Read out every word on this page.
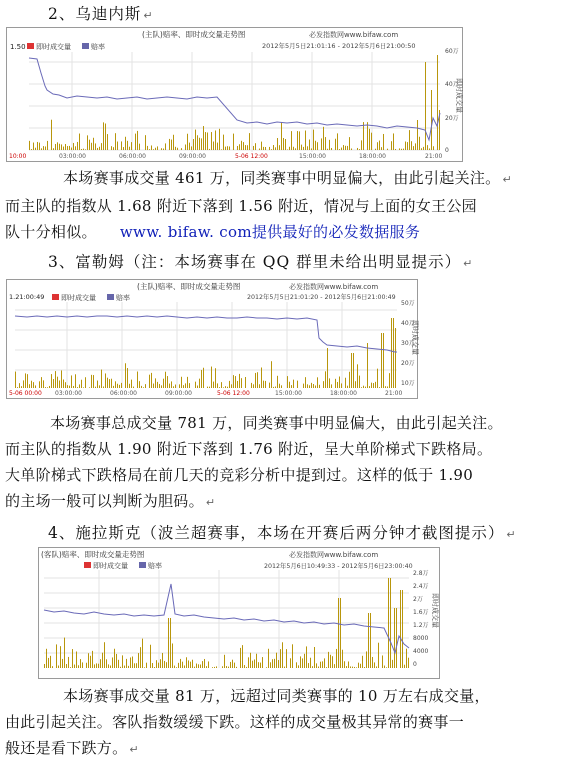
2、乌迪内斯 ↵
(主队)赔率、即时成交量走势图	必发指数网www.bifaw.com
1.50 即时成交量	赔率	2012年5月5日21:01:16 - 2012年5月6日21:00:50
60万
40万
20万
0
即时成交量
10:00	03:00:00	06:00:00	09:00:00	5-06 12:00	15:00:00	18:00:00	21:00

本场赛事成交量 461 万，同类赛事中明显偏大，由此引起关注。 ↵

而主队的指数从 1.68 附近下落到 1.56 附近，情况与上面的女王公园

队十分相似。　　 www. bifaw. com提供最好的必发数据服务

3、富勒姆（注：本场赛事在 QQ 群里未给出明显提示） ↵
(主队)赔率、即时成交量走势图	必发指数网www.bifaw.com
1.21:00:49 即时成交量	赔率	2012年5月5日21:01:20 - 2012年5月6日21:00:49
50万
40万
30万
20万
10万
即时成交量
5-06 00:00 03:00:00	06:00:00	09:00:00	5-06 12:00	15:00:00	18:00:00	21:00

本场赛事总成交量 781 万，同类赛事中明显偏大，由此引起关注。

而主队的指数从 1.90 附近下落到 1.76 附近，呈大单阶梯式下跌格局。

大单阶梯式下跌格局在前几天的竞彩分析中提到过。这样的低于 1.90

的主场一般可以判断为胆码。 ↵

4、施拉斯克（波兰超赛事，本场在开赛后两分钟才截图提示） ↵
(客队)赔率、即时成交量走势图	必发指数网www.bifaw.com
即时成交量	赔率	2012年5月6日10:49:33 - 2012年5月6日23:00:40
2.8万
2.4万
2万
1.6万
1.2万
8000
4000
0
即时成交量

本场赛事成交量 81 万，远超过同类赛事的 10 万左右成交量，

由此引起关注。客队指数缓缓下跌。这样的成交量极其异常的赛事一

般还是看下跌方。 ↵
